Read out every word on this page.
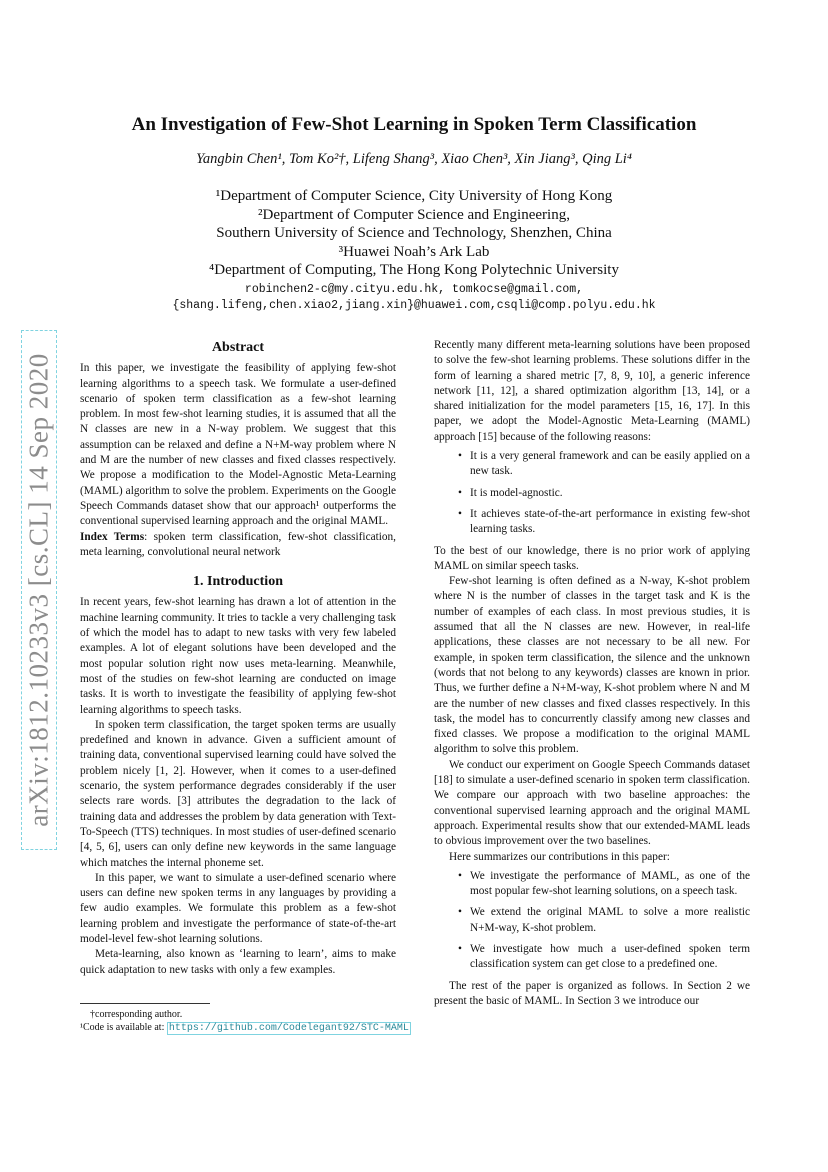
arXiv:1812.10233v3 [cs.CL] 14 Sep 2020
An Investigation of Few-Shot Learning in Spoken Term Classification
Yangbin Chen¹, Tom Ko²†, Lifeng Shang³, Xiao Chen³, Xin Jiang³, Qing Li⁴
¹Department of Computer Science, City University of Hong Kong
²Department of Computer Science and Engineering,
Southern University of Science and Technology, Shenzhen, China
³Huawei Noah’s Ark Lab
⁴Department of Computing, The Hong Kong Polytechnic University
robinchen2-c@my.cityu.edu.hk, tomkocse@gmail.com,
{shang.lifeng,chen.xiao2,jiang.xin}@huawei.com,csqli@comp.polyu.edu.hk
Abstract

In this paper, we investigate the feasibility of applying few-shot learning algorithms to a speech task. We formulate a user-defined scenario of spoken term classification as a few-shot learning problem. In most few-shot learning studies, it is assumed that all the N classes are new in a N-way problem. We suggest that this assumption can be relaxed and define a N+M-way problem where N and M are the number of new classes and fixed classes respectively. We propose a modification to the Model-Agnostic Meta-Learning (MAML) algorithm to solve the problem. Experiments on the Google Speech Commands dataset show that our approach¹ outperforms the conventional supervised learning approach and the original MAML.

Index Terms: spoken term classification, few-shot classification, meta learning, convolutional neural network

1. Introduction

In recent years, few-shot learning has drawn a lot of attention in the machine learning community. It tries to tackle a very challenging task of which the model has to adapt to new tasks with very few labeled examples. A lot of elegant solutions have been developed and the most popular solution right now uses meta-learning. Meanwhile, most of the studies on few-shot learning are conducted on image tasks. It is worth to investigate the feasibility of applying few-shot learning algorithms to speech tasks.

In spoken term classification, the target spoken terms are usually predefined and known in advance. Given a sufficient amount of training data, conventional supervised learning could have solved the problem nicely [1, 2]. However, when it comes to a user-defined scenario, the system performance degrades considerably if the user selects rare words. [3] attributes the degradation to the lack of training data and addresses the problem by data generation with Text-To-Speech (TTS) techniques. In most studies of user-defined scenario [4, 5, 6], users can only define new keywords in the same language which matches the internal phoneme set.

In this paper, we want to simulate a user-defined scenario where users can define new spoken terms in any languages by providing a few audio examples. We formulate this problem as a few-shot learning problem and investigate the performance of state-of-the-art model-level few-shot learning solutions.

Meta-learning, also known as ‘learning to learn’, aims to make quick adaptation to new tasks with only a few examples.

Recently many different meta-learning solutions have been proposed to solve the few-shot learning problems. These solutions differ in the form of learning a shared metric [7, 8, 9, 10], a generic inference network [11, 12], a shared optimization algorithm [13, 14], or a shared initialization for the model parameters [15, 16, 17]. In this paper, we adopt the Model-Agnostic Meta-Learning (MAML) approach [15] because of the following reasons:

• It is a very general framework and can be easily applied on a new task.
• It is model-agnostic.
• It achieves state-of-the-art performance in existing few-shot learning tasks.

To the best of our knowledge, there is no prior work of applying MAML on similar speech tasks.

Few-shot learning is often defined as a N-way, K-shot problem where N is the number of classes in the target task and K is the number of examples of each class. In most previous studies, it is assumed that all the N classes are new. However, in real-life applications, these classes are not necessary to be all new. For example, in spoken term classification, the silence and the unknown (words that not belong to any keywords) classes are known in prior. Thus, we further define a N+M-way, K-shot problem where N and M are the number of new classes and fixed classes respectively. In this task, the model has to concurrently classify among new classes and fixed classes. We propose a modification to the original MAML algorithm to solve this problem.

We conduct our experiment on Google Speech Commands dataset [18] to simulate a user-defined scenario in spoken term classification. We compare our approach with two baseline approaches: the conventional supervised learning approach and the original MAML approach. Experimental results show that our extended-MAML leads to obvious improvement over the two baselines.

Here summarizes our contributions in this paper:

• We investigate the performance of MAML, as one of the most popular few-shot learning solutions, on a speech task.
• We extend the original MAML to solve a more realistic N+M-way, K-shot problem.
• We investigate how much a user-defined spoken term classification system can get close to a predefined one.

The rest of the paper is organized as follows. In Section 2 we present the basic of MAML. In Section 3 we introduce our

†corresponding author.
¹Code is available at: https://github.com/Codelegant92/STC-MAML
